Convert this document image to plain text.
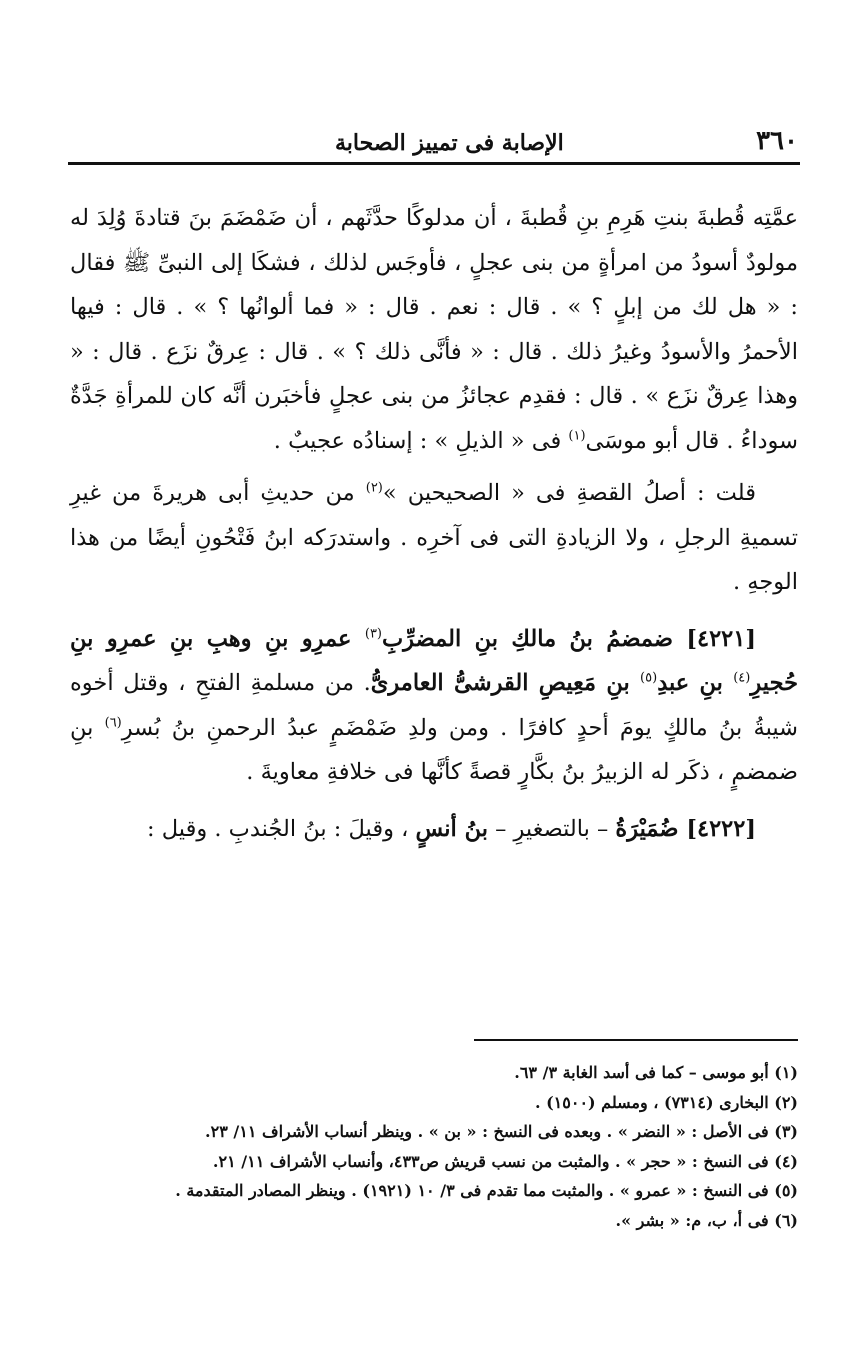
٣٦٠
الإصابة فى تمييز الصحابة

عمَّتِه قُطبةَ بنتِ هَرِمِ بنِ قُطبةَ ، أن مدلوكًا حدَّثَهم ، أن ضَمْضَمَ بنَ قتادةَ وُلِدَ له مولودٌ أسودُ من امرأةٍ من بنى عجلٍ ، فأوجَس لذلك ، فشكَا إلى النبىِّ ﷺ فقال : « هل لك من إبلٍ ؟ » . قال : نعم . قال : « فما ألوانُها ؟ » . قال : فيها الأحمرُ والأسودُ وغيرُ ذلك . قال : « فأنَّى ذلك ؟ » . قال : عِرقٌ نزَع . قال : « وهذا عِرقٌ نزَع » . قال : فقدِم عجائزُ من بنى عجلٍ فأخبَرن أنَّه كان للمرأةِ جَدَّةٌ سوداءُ . قال أبو موسَى$^{(١)}$ فى « الذيلِ » : إسنادُه عجيبٌ .

قلت : أصلُ القصةِ فى « الصحيحين »$^{(٢)}$ من حديثِ أبى هريرةَ من غيرِ تسميةِ الرجلِ ، ولا الزيادةِ التى فى آخرِه . واستدرَكه ابنُ فَتْحُونِ أيضًا من هذا الوجهِ .

[٤٢٢١] ضمضمُ بنُ مالكِ بنِ المضرِّبِ$^{(٣)}$ عمرِو بنِ وهبِ بنِ عمرِو بنِ حُجيرِ$^{(٤)}$ بنِ عبدِ$^{(٥)}$ بنِ مَعِيصِ القرشىُّ العامرىُّ. من مسلمةِ الفتحِ ، وقتل أخوه شيبةُ بنُ مالكٍ يومَ أحدٍ كافرًا . ومن ولدِ ضَمْضَمٍ عبدُ الرحمنِ بنُ بُسرِ$^{(٦)}$ بنِ ضمضمٍ ، ذكَر له الزبيرُ بنُ بكَّارٍ قصةً كأنَّها فى خلافةِ معاويةَ .

[٤٢٢٢] ضُمَيْرَةُ – بالتصغيرِ – بنُ أنسٍ ، وقيلَ : بنُ الجُندبِ . وقيل :

(١) أبو موسى – كما فى أسد الغابة ٣/ ٦٣.

(٢) البخارى (٧٣١٤) ، ومسلم (١٥٠٠) .

(٣) فى الأصل : « النضر » . وبعده فى النسخ : « بن » . وينظر أنساب الأشراف ١١/ ٢٣.

(٤) فى النسخ : « حجر » . والمثبت من نسب قريش ص٤٣٣، وأنساب الأشراف ١١/ ٢١.

(٥) فى النسخ : « عمرو » . والمثبت مما تقدم فى ٣/ ١٠ (١٩٢١) . وينظر المصادر المتقدمة .

(٦) فى أ، ب، م: « بشر ».
